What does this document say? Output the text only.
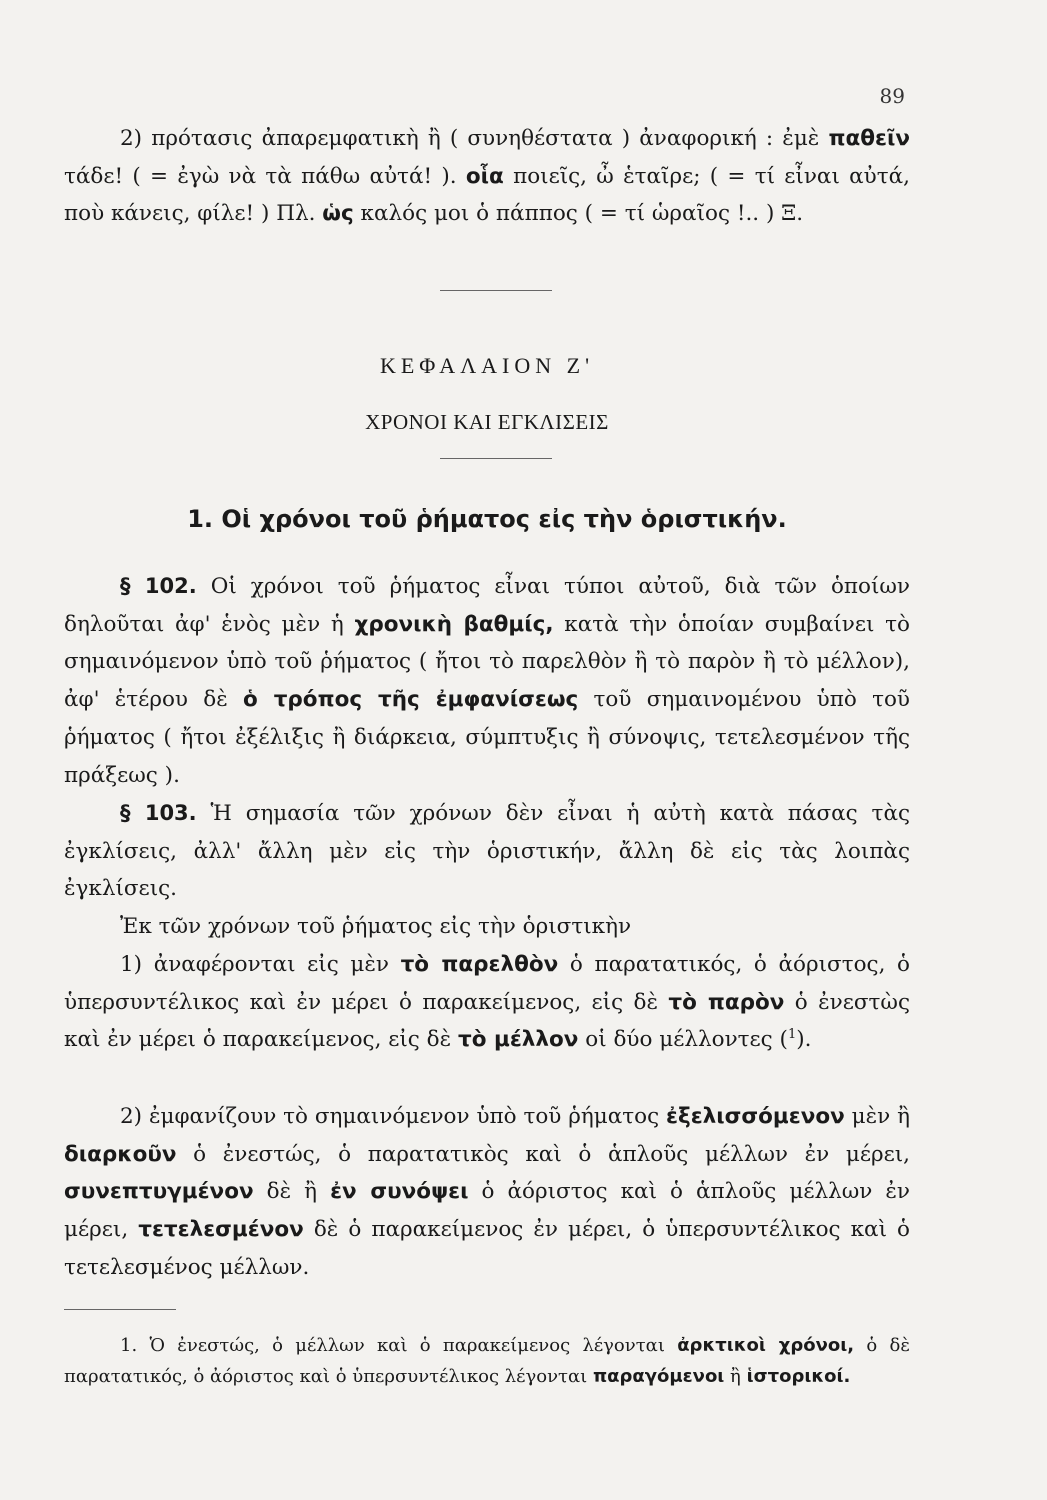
89

2) πρότασις ἀπαρεμφατικὴ ἢ ( συνηθέστατα ) ἀναφορική : ἐμὲ παθεῖν τάδε! ( = ἐγὼ νὰ τὰ πάθω αὐτά! ). οἷα ποιεῖς, ὦ ἑταῖρε; ( = τί εἶναι αὐτά, ποὺ κάνεις, φίλε! ) Πλ. ὡς καλός μοι ὁ πάππος ( = τί ὡραῖος !.. ) Ξ.

ΚΕΦΑΛΑΙΟΝ Ζ'
ΧΡΟΝΟΙ ΚΑΙ ΕΓΚΛΙΣΕΙΣ
1. Οἱ χρόνοι τοῦ ῥήματος εἰς τὴν ὁριστικήν.

§ 102. Οἱ χρόνοι τοῦ ῥήματος εἶναι τύποι αὐτοῦ, διὰ τῶν ὁποίων δηλοῦται ἀφ' ἑνὸς μὲν ἡ χρονικὴ βαθμίς, κατὰ τὴν ὁποίαν συμβαίνει τὸ σημαινόμενον ὑπὸ τοῦ ῥήματος ( ἤτοι τὸ παρελθὸν ἢ τὸ παρὸν ἢ τὸ μέλλον), ἀφ' ἑτέρου δὲ ὁ τρόπος τῆς ἐμφανίσεως τοῦ σημαινομένου ὑπὸ τοῦ ῥήματος ( ἤτοι ἐξέλιξις ἢ διάρκεια, σύμπτυξις ἢ σύνοψις, τετελεσμένον τῆς πράξεως ).

§ 103. Ἡ σημασία τῶν χρόνων δὲν εἶναι ἡ αὐτὴ κατὰ πάσας τὰς ἐγκλίσεις, ἀλλ' ἄλλη μὲν εἰς τὴν ὁριστικήν, ἄλλη δὲ εἰς τὰς λοιπὰς ἐγκλίσεις.

Ἐκ τῶν χρόνων τοῦ ῥήματος εἰς τὴν ὁριστικὴν

1) ἀναφέρονται εἰς μὲν τὸ παρελθὸν ὁ παρατατικός, ὁ ἀόριστος, ὁ ὑπερσυντέλικος καὶ ἐν μέρει ὁ παρακείμενος, εἰς δὲ τὸ παρὸν ὁ ἐνεστὼς καὶ ἐν μέρει ὁ παρακείμενος, εἰς δὲ τὸ μέλλον οἱ δύο μέλλοντες ($^1$).

2) ἐμφανίζουν τὸ σημαινόμενον ὑπὸ τοῦ ῥήματος ἐξελισσόμενον μὲν ἢ διαρκοῦν ὁ ἐνεστώς, ὁ παρατατικὸς καὶ ὁ ἁπλοῦς μέλλων ἐν μέρει, συνεπτυγμένον δὲ ἢ ἐν συνόψει ὁ ἀόριστος καὶ ὁ ἁπλοῦς μέλλων ἐν μέρει, τετελεσμένον δὲ ὁ παρακείμενος ἐν μέρει, ὁ ὑπερσυντέλικος καὶ ὁ τετελεσμένος μέλλων.

1. Ὁ ἐνεστώς, ὁ μέλλων καὶ ὁ παρακείμενος λέγονται ἀρκτικοὶ χρόνοι, ὁ δὲ παρατατικός, ὁ ἀόριστος καὶ ὁ ὑπερσυντέλικος λέγονται παραγόμενοι ἢ ἱστορικοί.
